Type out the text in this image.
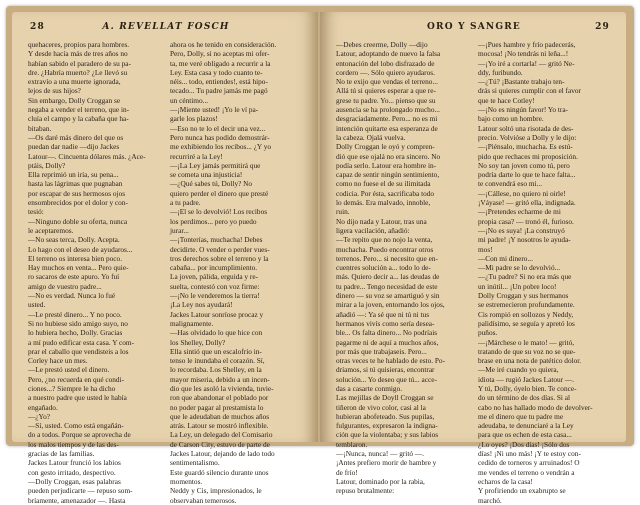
28	A. REVELLAT FOSCH
quehaceres, propios para hombres.
Y desde hacía más de tres años no
habían sabido el paradero de su pa-
dre. ¿Habría muerto? ¿Le llevó su
extravío a una muerte ignorada,
lejos de sus hijos?
Sin embargo, Dolly Croggan se
negaba a vender el terreno, que in-
cluía el campo y la cabaña que ha-
bitaban.
—Os daré más dinero del que os
puedan dar nadie —dijo Jackes
Latour—. Cincuenta dólares más. ¿Ace-
ptáis, Dolly?
Ella reprimió un iría, su pena...
hasta las lágrimas que pugnaban
por escapar de sus hermosos ojos
ensombrecidos por el dolor y con-
tesió:
—Ninguno doble su oferta, nunca
le aceptaremos.
—No seas terca, Dolly. Acepta.
Lo hago con el deseo de ayudaros...
El terreno os interesa bien poco.
Hay muchos en venta... Pero quie-
ro sacaros de este apuro. Yo fuí
amigo de vuestro padre...
—No es verdad. Nunca lo fué
usted.
—Le presté dinero... Y no poco.
Si no hubiese sido amigo suyo, no
lo hubiera hecho, Dolly. Gracias
a mí pudo edificar esta casa. Y com-
prar el caballo que vendisteis a los
Corley hace un mes.
—Le prestó usted el dinero.
Pero, ¿no recuerda en qué condi-
ciones...? Siempre le ha dicho
a nuestro padre que usted le había
engañado.
—¿Yo?
—Sí, usted. Como está engañán-
do a todos. Porque se aprovecha de
los malos tiempos y de las des-
gracias de las familias.
Jackes Latour frunció los labios
con gesto irritado, despectivo.
—Dolly Croggan, esas palabras
pueden perjudicarte — repuso som-
bríamente, amenazador —. Hasta
ahora os he tenido en consideración.
Pero, Dolly, si no aceptas mi ofer-
ta, me veré obligado a recurrir a la
Ley. Esta casa y todo cuanto te-
néis... todo, entiendes!, está hipo-
tecado... Tu padre jamás me pagó
un céntimo...
—¡Miente usted! ¡Yo le ví pa-
garle los plazos!
—Eso no te lo el decir una vez...
Pero nunca has podido demostrár-
me exhibiendo los recibos... ¿Y yo
recurriré a la Ley!
—¡La Ley jamás permitirá que
se cometa una injusticia!
—¿Qué sabes tú, Dolly? No
quiero perder el dinero que presté
a tu padre.
—¡El se lo devolvió! Los recibos
los perdimos... pero yo puedo
jurar...
—¡Tonterías, muchacha! Debes
decidirte. O vender o perder vues-
tros derechos sobre el terreno y la
cabaña... por incumplimiento.
La joven, pálida, erguida y re-
suelta, contestó con voz firme:
—¡No le venderemos la tierra!
¡La Ley nos ayudará!
Jackes Latour sonríose procaz y
malignamente.
—Has olvidado lo que hice con
los Shelley, Dolly?
Ella sintió que un escalofrío in-
tenso le inundaba el corazón. Sí,
lo recordaba. Los Shelley, en la
mayor miseria, debido a un incen-
dio que les asoló la vivienda, tuvie-
ron que abandonar el poblado por
no poder pagar al prestamista lo
que le adeudaban de muchos años
atrás. Latour se mostró inflexible.
La Ley, un delegado del Comisario
de Carson City, estuvo de parte de
Jackes Latour, dejando de lado todo
sentimentalismo.
Este guardó silencio durante unos
momentos.
Neddy y Cis, impresionados, le
observaban temerosos.
ORO Y SANGRE	29
—Debes creerme, Dolly —dijo
Latour, adoptando de nuevo la falsa
entonación del lobo disfrazado de
cordero —. Sólo quiero ayudaros.
No te exijo que vendas el terreno...
Allá tú si quieres esperar a que re-
grese tu padre. Yo... pienso que su
ausencia se ha prolongado mucho...
desgraciadamente. Pero... no es mi
intención quitarte esa esperanza de
la cabeza. Ojalá vuelva.
Dolly Croggan le oyó y compren-
dió que ese ojalá no era sincero. No
podía serlo. Latour era hombre in-
capaz de sentir ningún sentimiento,
como no fuese el de su ilimitada
codicia. Por ésta, sacrificaba todo
lo demás. Era malvado, innoble,
ruin.
No dijo nada y Latour, tras una
ligera vacilación, añadió:
—Te repito que no nojo la venta,
muchacha. Puedo encontrar otros
terrenos. Pero... si necesito que en-
cuentres solución a... todo lo de-
más. Quiero decir a... las deudas de
tu padre... Tengo necesidad de este
dinero — su voz se amartiguó y sin
mirar a la joven, entornando los ojos,
añadió —: Ya sé que ni tú ni tus
hermanos vivís como sería desea-
ble... Os falta dinero... No podríais
pagarme ni de aquí a muchos años,
por más que trabajaseis. Pero...
otras veces te he hablado de esto. Po-
dríamos, si tú quisieras, encontrar
solución... Yo deseo que tú... acce-
das a casarte conmigo.
Las mejillas de Doyll Croggan se
tiñeron de vivo color, casi al la
hubieran abofeteado. Sus pupilas,
fulgurantes, expresaron la indigna-
ción que la violentaba; y sus labios
temblaron.
—¡Nunca, nunca! — gritó —.
¡Antes prefiero morir de hambre y
de frío!
Latour, dominado por la rabia,
repuso brutalmente:
—¡Pues hambre y frío padecerás,
mocosa! ¡No tendrás ni leña...!
—¡Yo iré a cortarla! — gritó Ne-
ddy, furibundo.
—¿Tú? ¡Bastante trabajo ten-
drás si quieres cumplir con el favor
que te hace Cotley!
—¡No es ningún favor! Yo tra-
bajo como un hombre.
Latour soltó una risotada de des-
precio. Volvióse a Dolly y le dijo:
—¡Piénsalo, muchacha. Es estú-
pido que rechaces mi proposición.
No soy tan joven como tú, pero
podría darte lo que te hace falta...
te convendrá eso mi...
—¡Cállese, no quiero ni oirle!
¡Váyase! — gritó ella, indignada.
—¡Pretendes echarme de mi
propia casa? — tronó él, furioso.
—¡No es suya! ¡La construyó
mi padre! ¡Y nosotros le ayuda-
mos!
—Con mi dinero...
—Mi padre se lo devolvió...
—¿Tu padre? Si no era más que
un inútil... ¡Un pobre loco!
Dolly Croggan y sus hermanos
se estremecieron profundamente.
Cis rompió en sollozos y Neddy,
palidísimo, se seguía y apretó los
puños.
—¡Márchese o le mato! — gritó,
tratando de que su voz no se que-
brase en una nota de patético dolor.
—Me iré cuando yo quiera,
idiota — rugió Jackes Latour —.
Y tú, Dolly, óyelo bien. Te conce-
do un término de dos días. Si al
cabo no has hallado modo de devolver-
me el dinero que tu padre me
adeudaba, te denunciaré a la Ley
para que os echen de esta casa...
¿Lo oyes? ¡Dos días! ¡Sólo dos
días! ¡Ni uno más! ¡Y te estoy con-
cedido de torneros y arruinados! O
me vendes el terreno o vendrán a
echaros de la casa!
Y profiriendo un exabrupto se
marchó.
